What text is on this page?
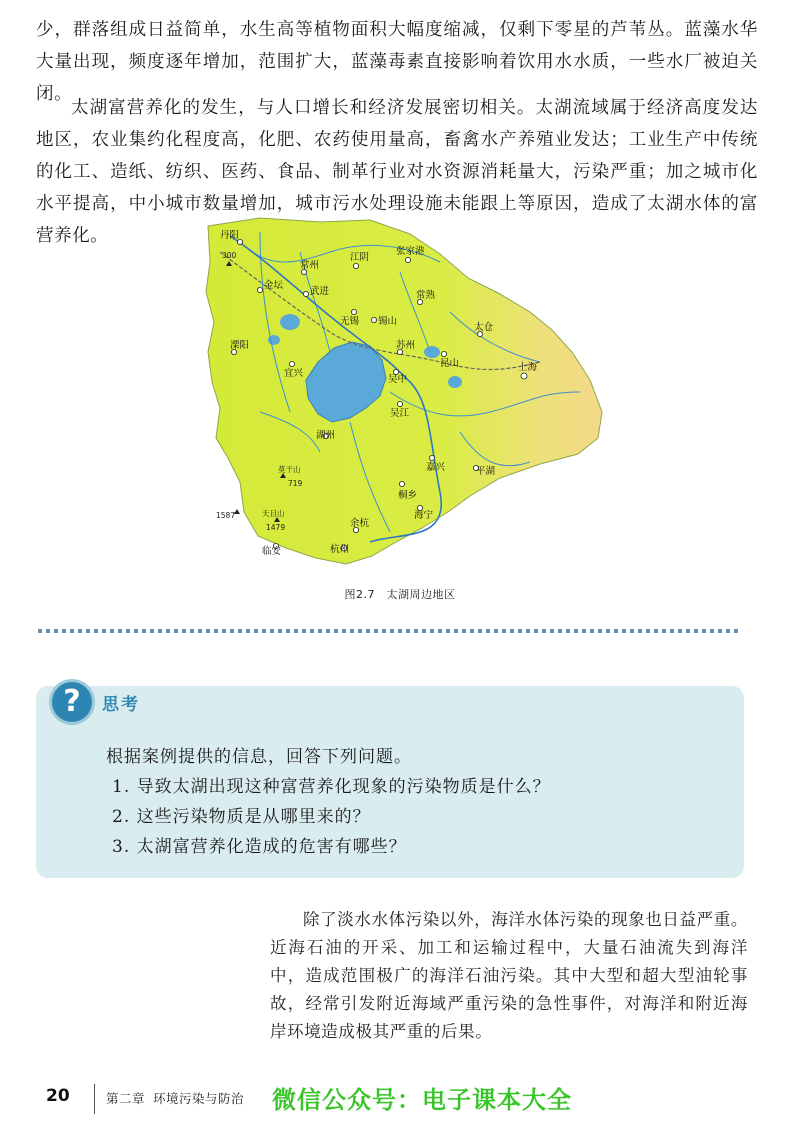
少，群落组成日益简单，水生高等植物面积大幅度缩减，仅剩下零星的芦苇丛。蓝藻水华大量出现，频度逐年增加，范围扩大，蓝藻毒素直接影响着饮用水水质，一些水厂被迫关闭。

太湖富营养化的发生，与人口增长和经济发展密切相关。太湖流域属于经济高度发达地区，农业集约化程度高，化肥、农药使用量高，畜禽水产养殖业发达；工业生产中传统的化工、造纸、纺织、医药、食品、制革行业对水资源消耗量大，污染严重；加之城市化水平提高，中小城市数量增加，城市污水处理设施未能跟上等原因，造成了太湖水体的富营养化。	丹阳
常州
江阴
张家港
金坛
武进
无锡
常熟
锡山
太仓
溧阳
宜兴
苏州
昆山	上海
吴中
吴江
湖州
嘉兴	平湖
莫干山
桐乡
海宁
余杭
杭州
临安
天目山
300
719
1587
1479
图2.7　太湖周边地区
?	思考
根据案例提供的信息，回答下列问题。
1. 导致太湖出现这种富营养化现象的污染物质是什么？
2. 这些污染物质是从哪里来的？
3. 太湖富营养化造成的危害有哪些？

除了淡水水体污染以外，海洋水体污染的现象也日益严重。近海石油的开采、加工和运输过程中，大量石油流失到海洋中，造成范围极广的海洋石油污染。其中大型和超大型油轮事故，经常引发附近海域严重污染的急性事件，对海洋和附近海岸环境造成极其严重的后果。

20	第二章 环境污染与防治	微信公众号：电子课本大全
